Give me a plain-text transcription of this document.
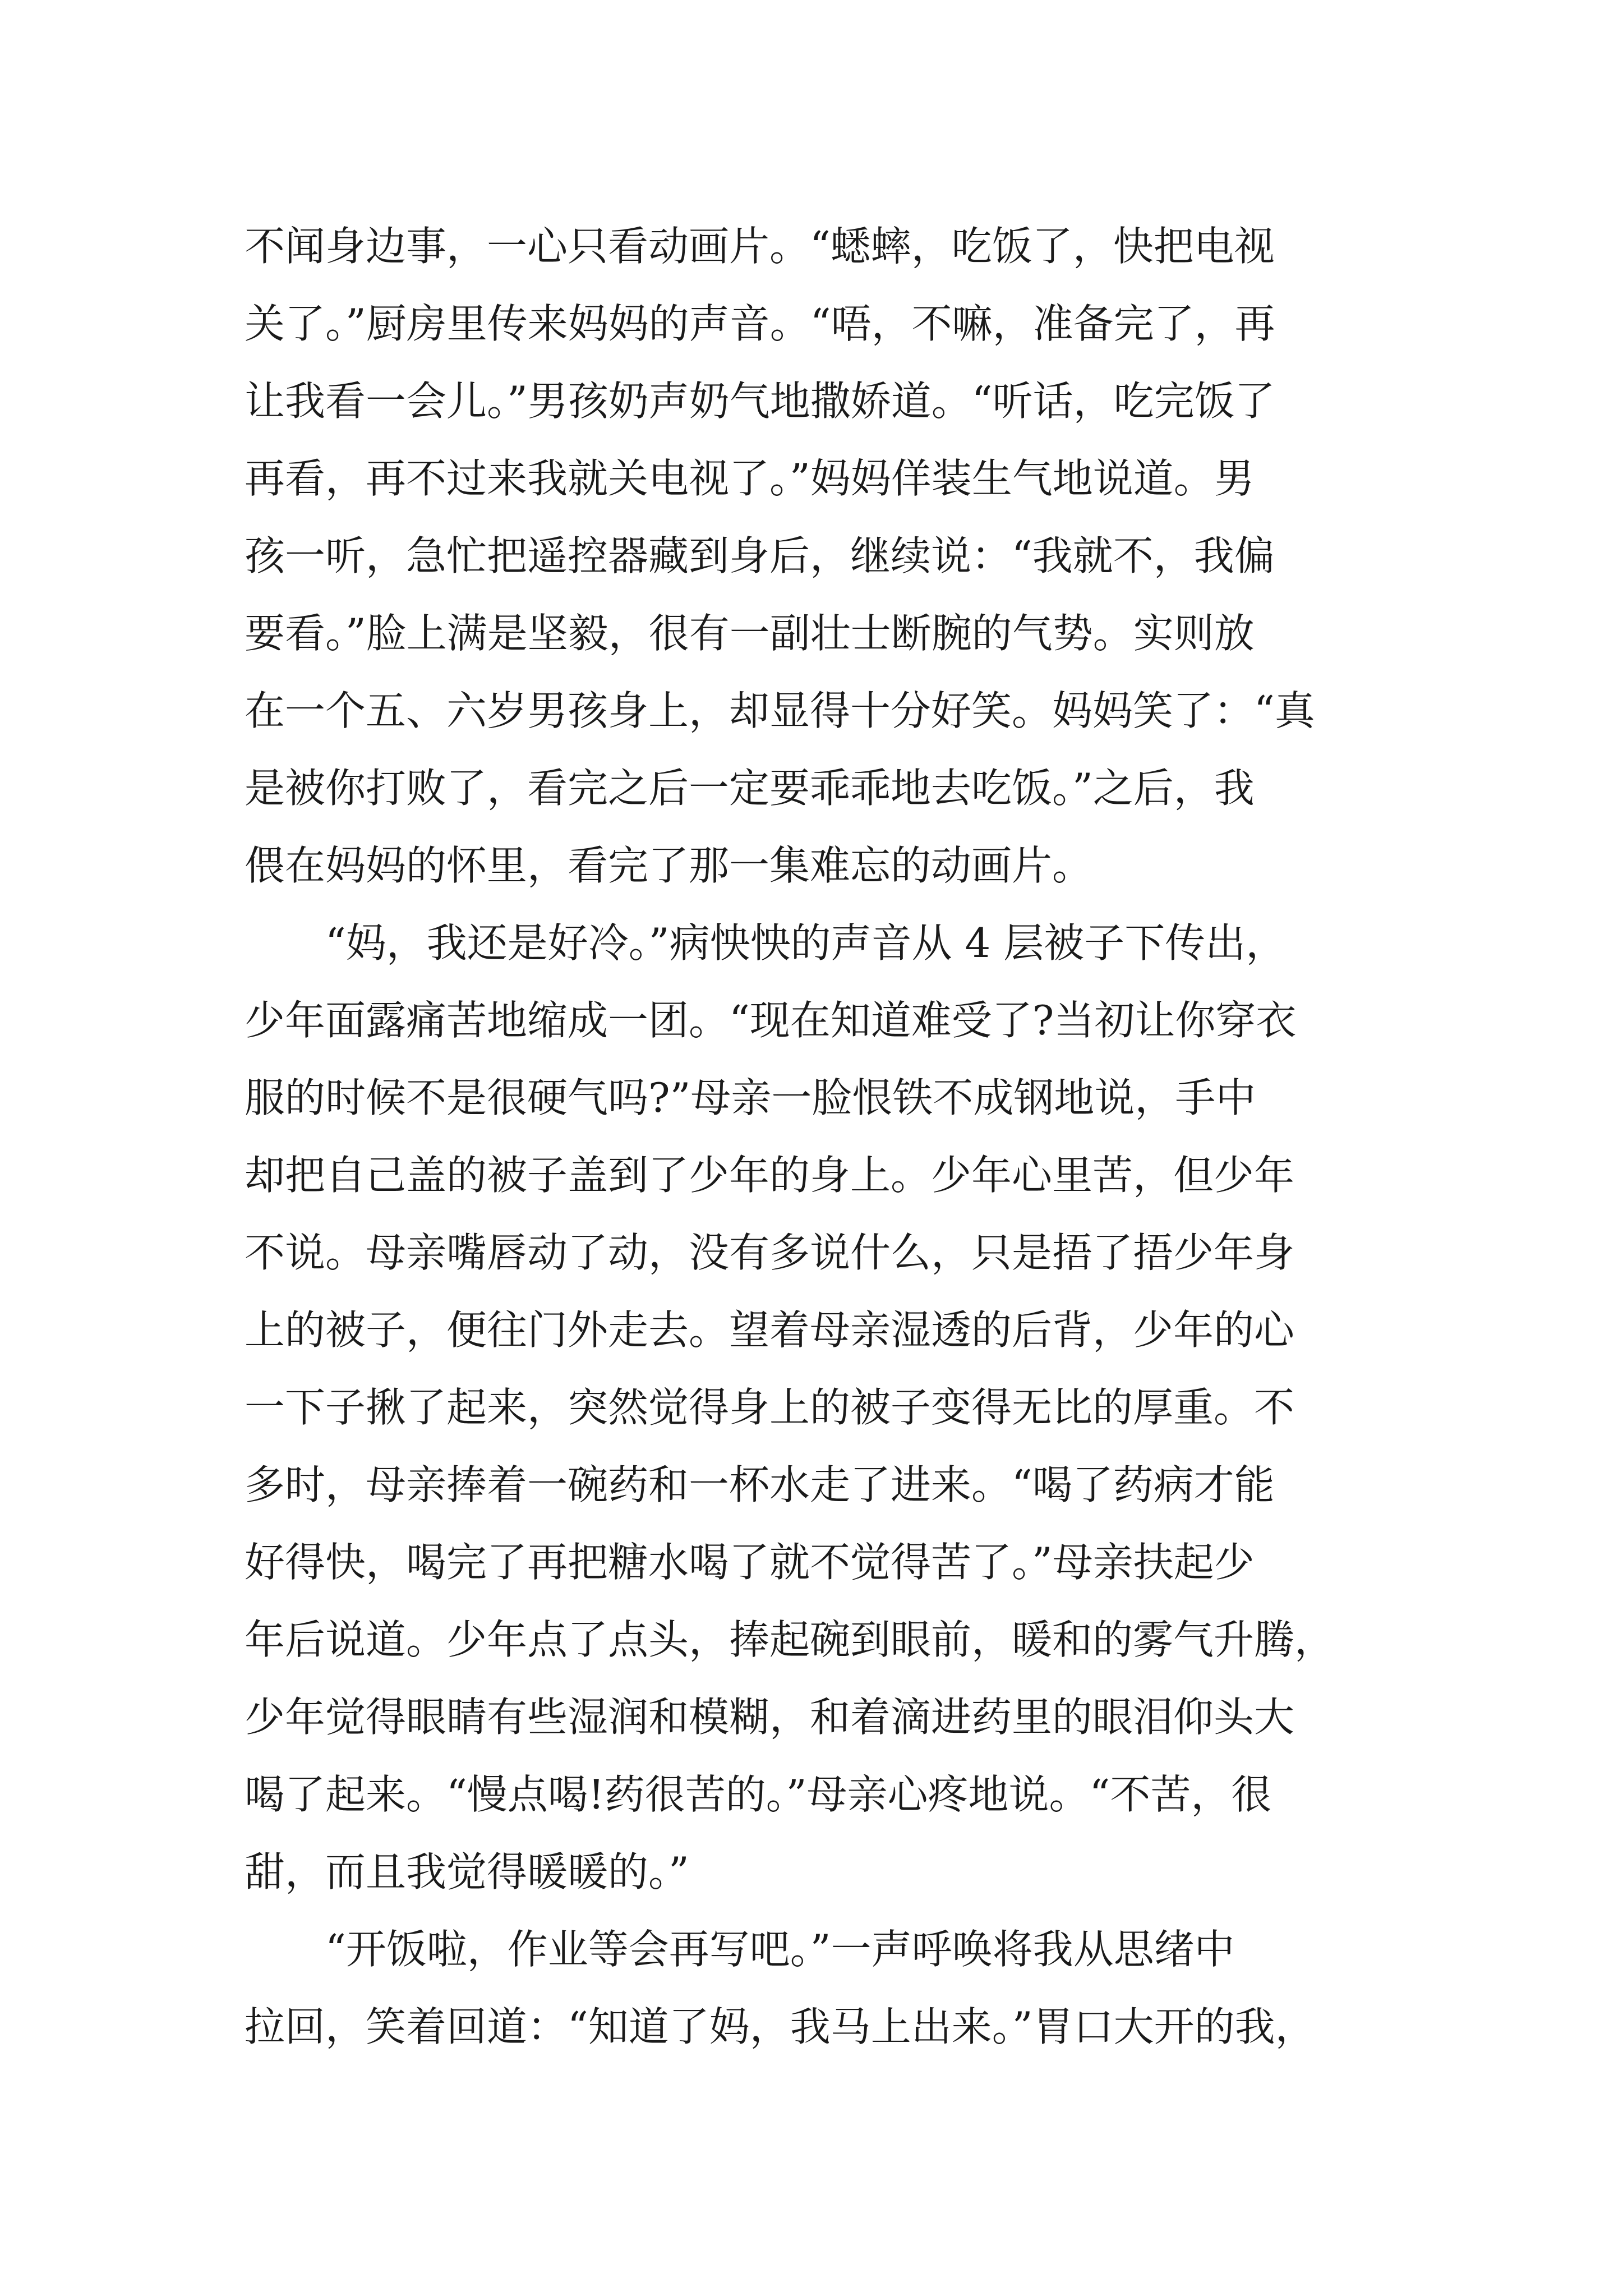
不闻身边事，一心只看动画片。“蟋蟀，吃饭了，快把电视
关了。”厨房里传来妈妈的声音。“唔，不嘛，准备完了，再
让我看一会儿。”男孩奶声奶气地撒娇道。“听话，吃完饭了
再看，再不过来我就关电视了。”妈妈佯装生气地说道。男
孩一听，急忙把遥控器藏到身后，继续说：“我就不，我偏
要看。”脸上满是坚毅，很有一副壮士断腕的气势。实则放
在一个五、六岁男孩身上，却显得十分好笑。妈妈笑了：“真
是被你打败了，看完之后一定要乖乖地去吃饭。”之后，我
偎在妈妈的怀里，看完了那一集难忘的动画片。
“妈，我还是好冷。”病怏怏的声音从 4 层被子下传出，
少年面露痛苦地缩成一团。“现在知道难受了?当初让你穿衣
服的时候不是很硬气吗?”母亲一脸恨铁不成钢地说，手中
却把自己盖的被子盖到了少年的身上。少年心里苦，但少年
不说。母亲嘴唇动了动，没有多说什么，只是捂了捂少年身
上的被子，便往门外走去。望着母亲湿透的后背，少年的心
一下子揪了起来，突然觉得身上的被子变得无比的厚重。不
多时，母亲捧着一碗药和一杯水走了进来。“喝了药病才能
好得快，喝完了再把糖水喝了就不觉得苦了。”母亲扶起少
年后说道。少年点了点头，捧起碗到眼前，暖和的雾气升腾，
少年觉得眼睛有些湿润和模糊，和着滴进药里的眼泪仰头大
喝了起来。“慢点喝!药很苦的。”母亲心疼地说。“不苦，很
甜，而且我觉得暖暖的。”
“开饭啦，作业等会再写吧。”一声呼唤将我从思绪中
拉回，笑着回道：“知道了妈，我马上出来。”胃口大开的我，
